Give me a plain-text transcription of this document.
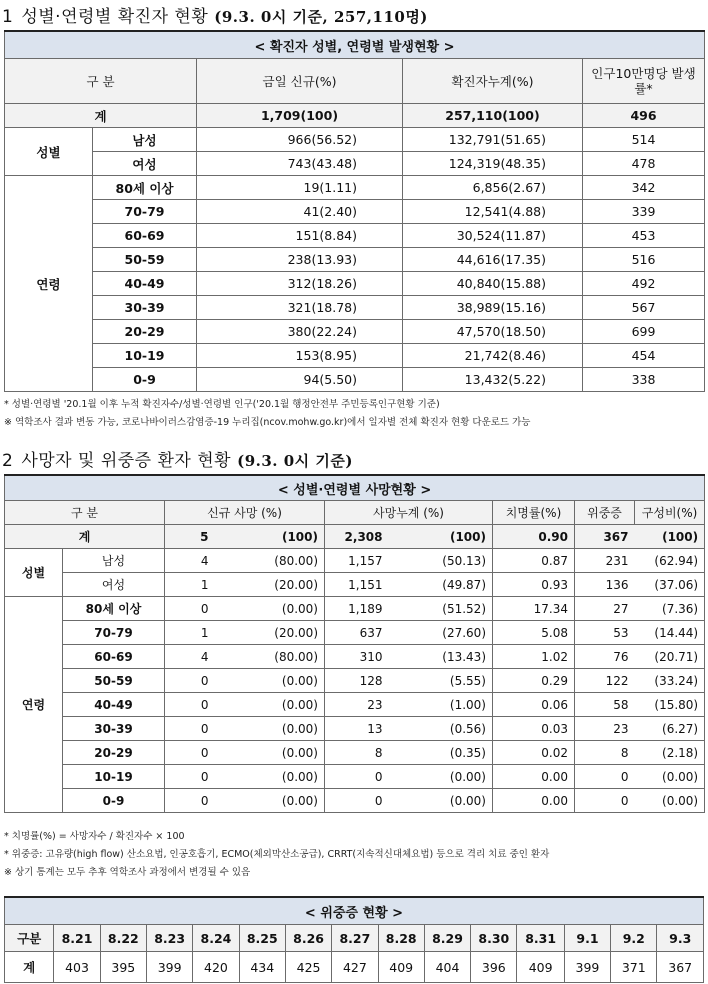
1 성별·연령별 확진자 현황 (9.3. 0시 기준, 257,110명)
< 확진자 성별, 연령별 발생현황 >				
구 분		금일 신규(%)	확진자누계(%)	인구10만명당 발생률*
계		1,709(100)	257,110(100)	496
성별	남성	966(56.52)	132,791(51.65)	514
	여성	743(43.48)	124,319(48.35)	478
연령	80세 이상	19(1.11)	6,856(2.67)	342
	70-79	41(2.40)	12,541(4.88)	339
	60-69	151(8.84)	30,524(11.87)	453
	50-59	238(13.93)	44,616(17.35)	516
	40-49	312(18.26)	40,840(15.88)	492
	30-39	321(18.78)	38,989(15.16)	567
	20-29	380(22.24)	47,570(18.50)	699
	10-19	153(8.95)	21,742(8.46)	454
	0-9	94(5.50)	13,432(5.22)	338
* 성별·연령별 '20.1월 이후 누적 확진자수/성별·연령별 인구('20.1월 행정안전부 주민등록인구현황 기준)
※ 역학조사 결과 변동 가능, 코로나바이러스감염증-19 누리집(ncov.mohw.go.kr)에서 일자별 전체 확진자 현황 다운로드 가능
2 사망자 및 위중증 환자 현황 (9.3. 0시 기준)
< 성별·연령별 사망현황 >								
구 분		신규 사망 (%)		사망누계 (%)		치명률(%)	위중증	구성비(%)
계		5	(100)	2,308	(100)	0.90	367	(100)
성별	남성	4	(80.00)	1,157	(50.13)	0.87	231	(62.94)
	여성	1	(20.00)	1,151	(49.87)	0.93	136	(37.06)
연령	80세 이상	0	(0.00)	1,189	(51.52)	17.34	27	(7.36)
	70-79	1	(20.00)	637	(27.60)	5.08	53	(14.44)
	60-69	4	(80.00)	310	(13.43)	1.02	76	(20.71)
	50-59	0	(0.00)	128	(5.55)	0.29	122	(33.24)
	40-49	0	(0.00)	23	(1.00)	0.06	58	(15.80)
	30-39	0	(0.00)	13	(0.56)	0.03	23	(6.27)
	20-29	0	(0.00)	8	(0.35)	0.02	8	(2.18)
	10-19	0	(0.00)	0	(0.00)	0.00	0	(0.00)
	0-9	0	(0.00)	0	(0.00)	0.00	0	(0.00)
* 치명률(%) = 사망자수 / 확진자수 × 100
* 위중증: 고유량(high flow) 산소요법, 인공호흡기, ECMO(체외막산소공급), CRRT(지속적신대체요법) 등으로 격리 치료 중인 환자
※ 상기 통계는 모두 추후 역학조사 과정에서 변경될 수 있음
< 위중증 현황 >														
구분	8.21	8.22	8.23	8.24	8.25	8.26	8.27	8.28	8.29	8.30	8.31	9.1	9.2	9.3
계	403	395	399	420	434	425	427	409	404	396	409	399	371	367
